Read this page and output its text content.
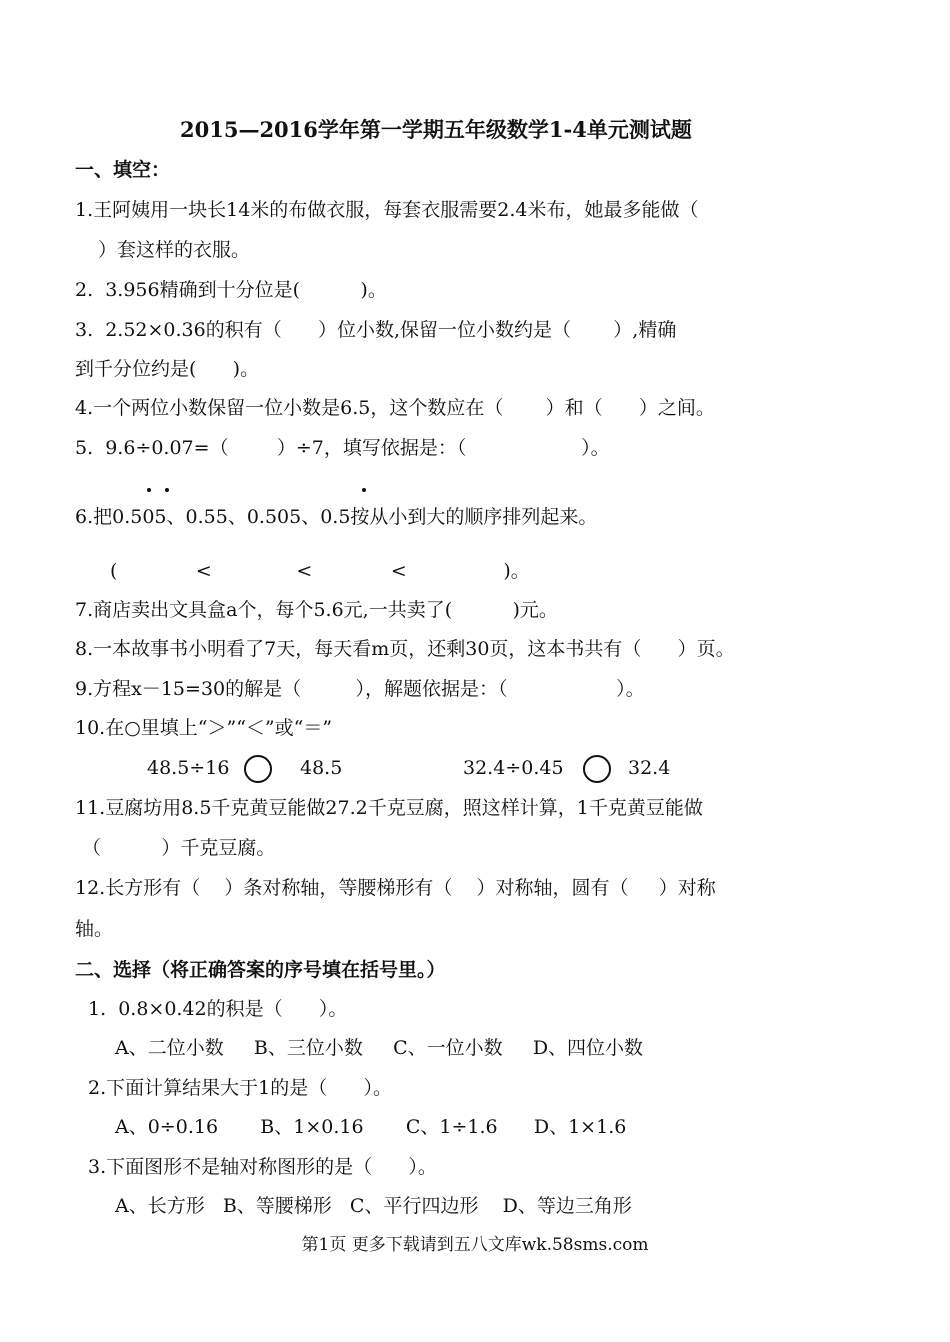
2015—2016学年第一学期五年级数学1-4单元测试题
一、填空：
1.王阿姨用一块长14米的布做衣服，每套衣服需要2.4米布，她最多能做（
）套这样的衣服。
2.  3.956精确到十分位是(          )。
3.  2.52×0.36的积有（      ）位小数,保留一位小数约是（       ）,精确
到千分位约是(      )。
4.一个两位小数保留一位小数是6.5，这个数应在（       ）和（      ）之间。
5.  9.6÷0.07=（        ）÷7，填写依据是：（                   ）。
6.把0.505、0.55、0.505、0.5按从小到大的顺序排列起来。
(             <              <             <                )。
7.商店卖出文具盒a个，每个5.6元,一共卖了(          )元。
8.一本故事书小明看了7天，每天看m页，还剩30页，这本书共有（      ）页。
9.方程x－15=30的解是（         ），解题依据是：（                  ）。
10.在○里填上“＞”“＜”或“＝”
48.5÷16	48.5	32.4÷0.45	32.4
11.豆腐坊用8.5千克黄豆能做27.2千克豆腐，照这样计算，1千克黄豆能做
（          ）千克豆腐。
12.长方形有（    ）条对称轴，等腰梯形有（    ）对称轴，圆有（     ）对称
轴。
二、选择（将正确答案的序号填在括号里。）
1.  0.8×0.42的积是（      ）。
A、二位小数     B、三位小数     C、一位小数     D、四位小数
2.下面计算结果大于1的是（      ）。
A、0÷0.16       B、1×0.16       C、1÷1.6      D、1×1.6
3.下面图形不是轴对称图形的是（      ）。
A、长方形   B、等腰梯形   C、平行四边形    D、等边三角形
第1页 更多下载请到五八文库wk.58sms.com
